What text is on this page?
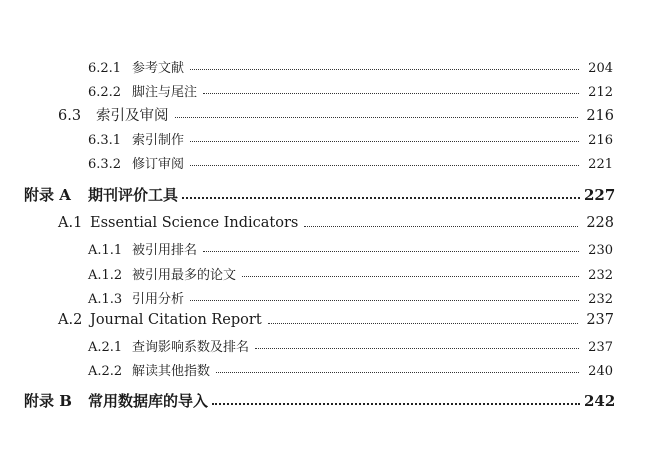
6.2.1 参考文献	204
6.2.2 脚注与尾注	212
6.3	索引及审阅	216
6.3.1 索引制作	216
6.3.2 修订审阅	221
附录 A	期刊评价工具	227
A.1 Essential Science Indicators	228
A.1.1 被引用排名	230
A.1.2 被引用最多的论文	232
A.1.3 引用分析	232
A.2 Journal Citation Report	237
A.2.1 查询影响系数及排名	237
A.2.2 解读其他指数	240
附录 B	常用数据库的导入	242
